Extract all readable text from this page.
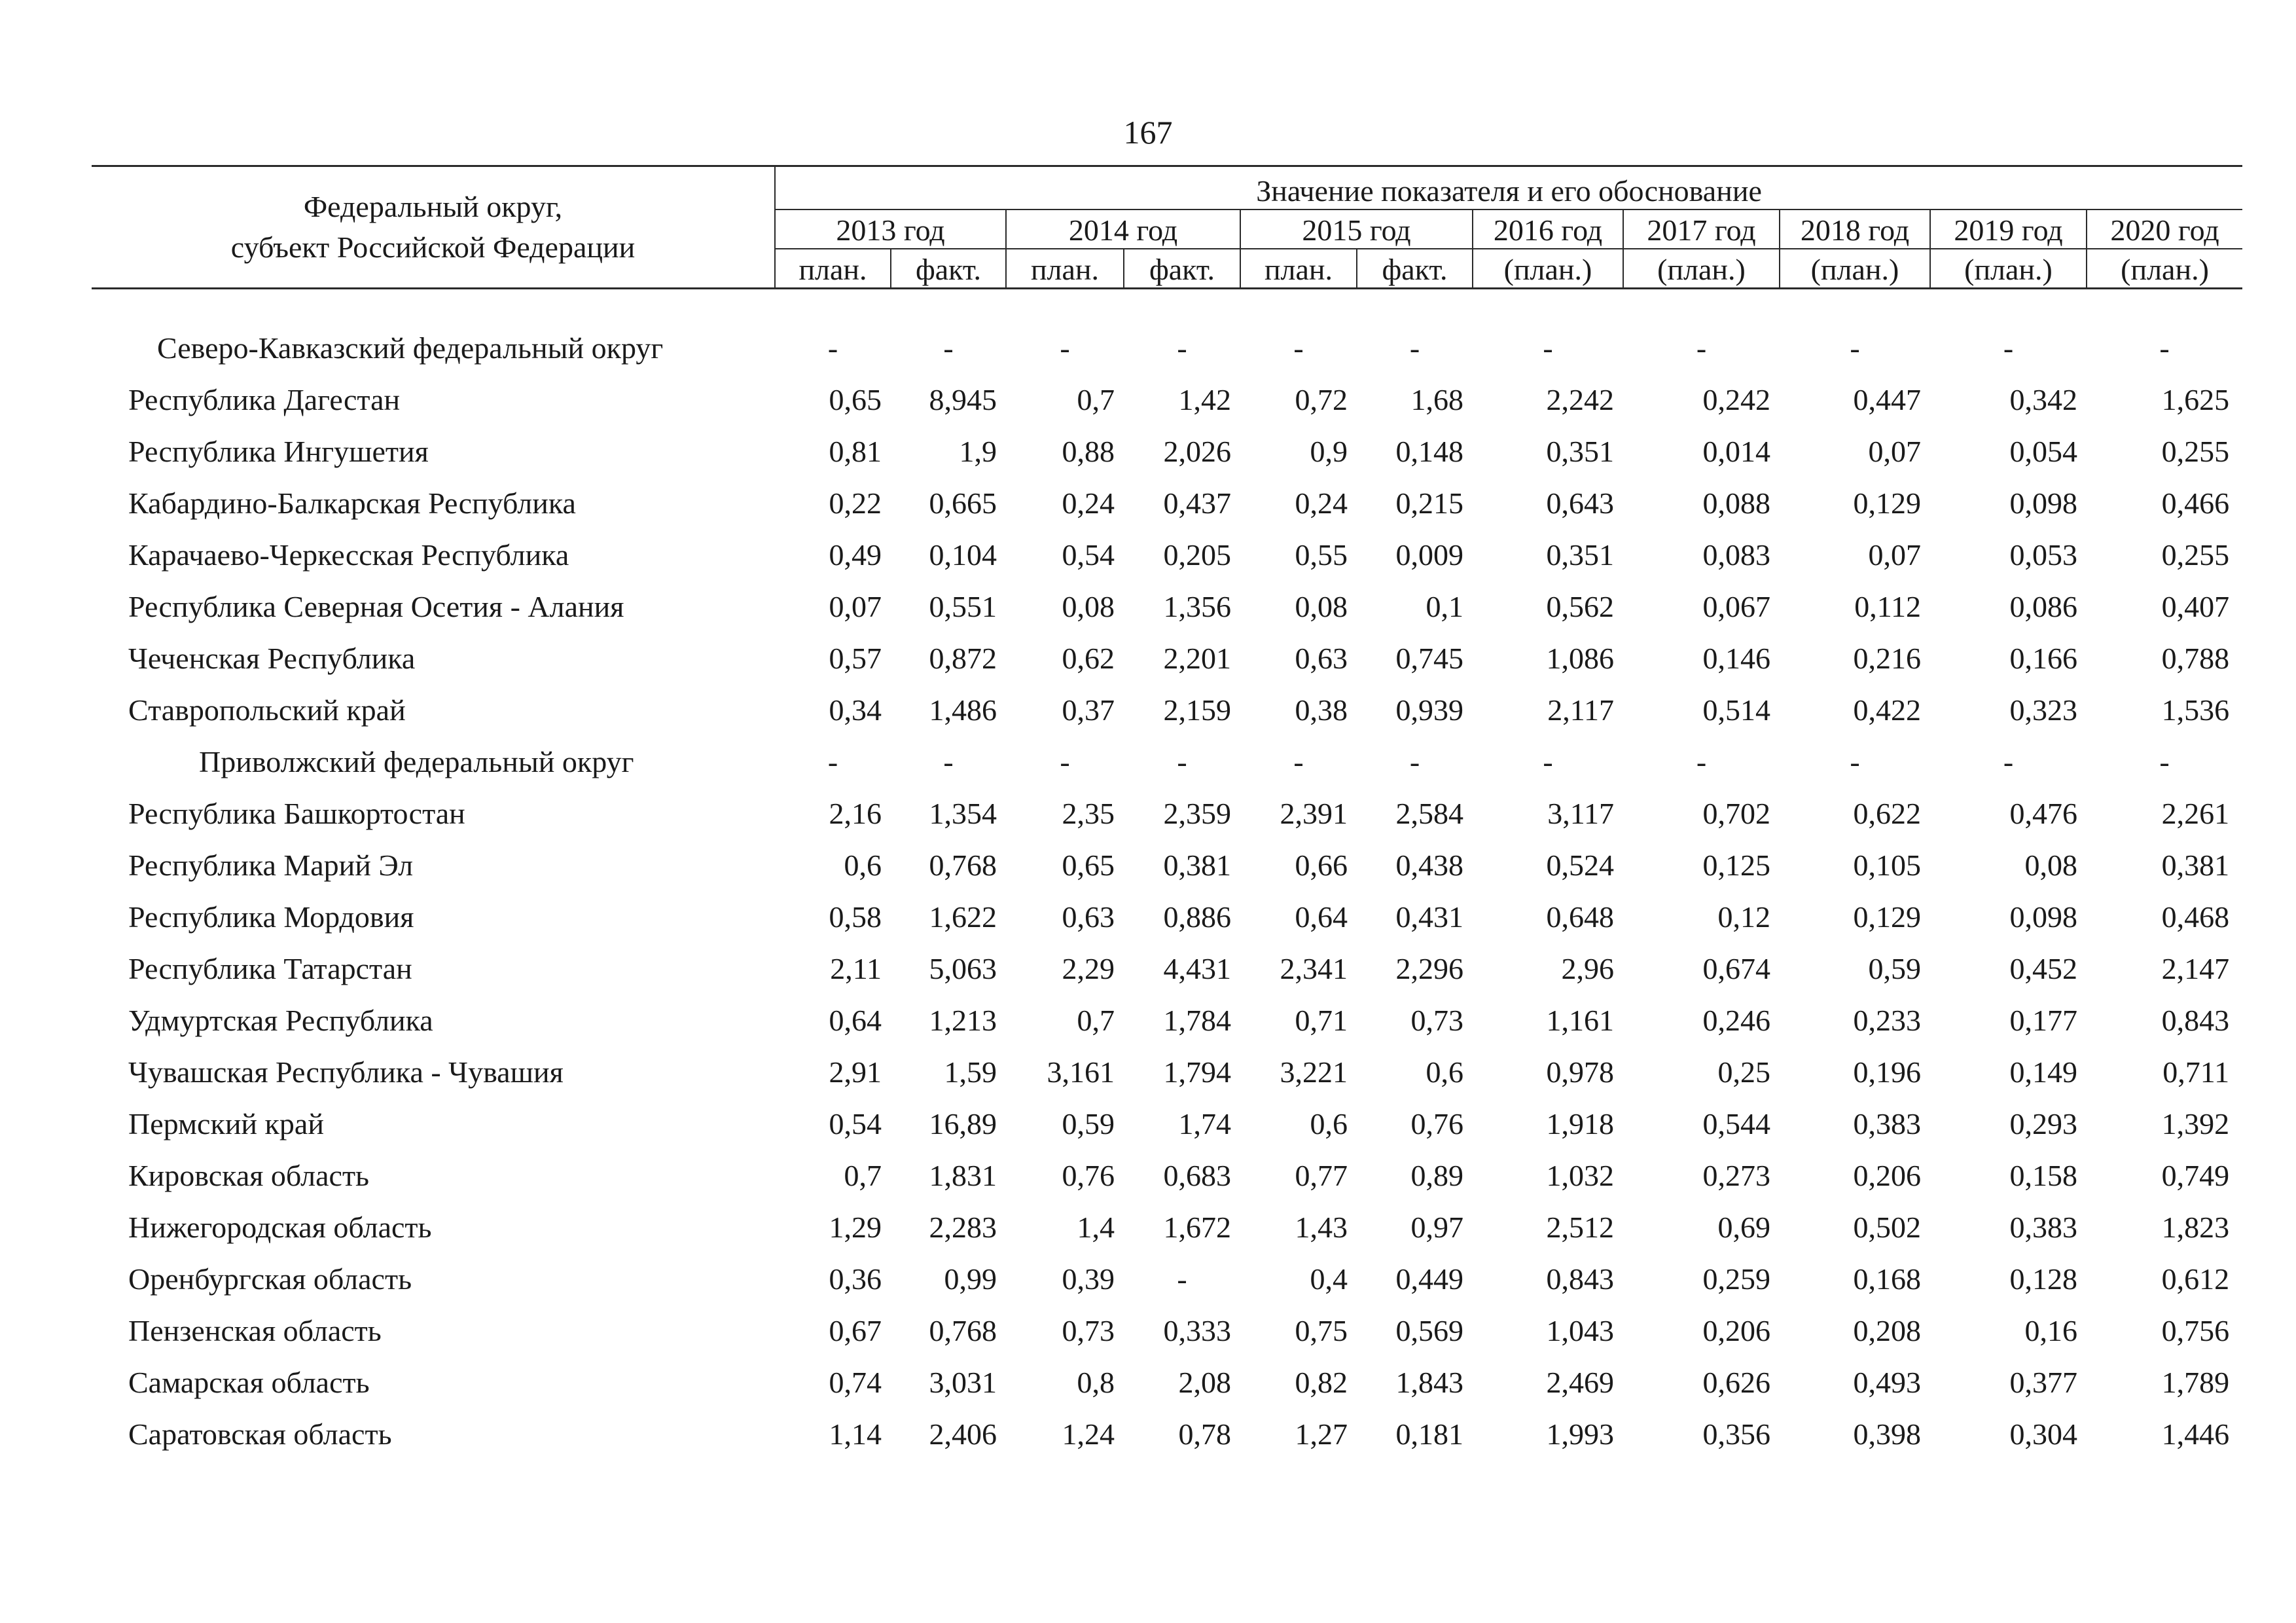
167
Федеральный округ,
субъект Российской Федерации	Значение показателя и его обоснование										
	2013 год		2014 год		2015 год		2016 год	2017 год	2018 год	2019 год	2020 год
	план.	факт.	план.	факт.	план.	факт.	(план.)	(план.)	(план.)	(план.)	(план.)

Северо-Кавказский федеральный округ	-	-	-	-	-	-	-	-	-	-	-
Республика Дагестан	0,65	8,945	0,7	1,42	0,72	1,68	2,242	0,242	0,447	0,342	1,625
Республика Ингушетия	0,81	1,9	0,88	2,026	0,9	0,148	0,351	0,014	0,07	0,054	0,255
Кабардино-Балкарская Республика	0,22	0,665	0,24	0,437	0,24	0,215	0,643	0,088	0,129	0,098	0,466
Карачаево-Черкесская Республика	0,49	0,104	0,54	0,205	0,55	0,009	0,351	0,083	0,07	0,053	0,255
Республика Северная Осетия - Алания	0,07	0,551	0,08	1,356	0,08	0,1	0,562	0,067	0,112	0,086	0,407
Чеченская Республика	0,57	0,872	0,62	2,201	0,63	0,745	1,086	0,146	0,216	0,166	0,788
Ставропольский край	0,34	1,486	0,37	2,159	0,38	0,939	2,117	0,514	0,422	0,323	1,536
Приволжский федеральный округ	-	-	-	-	-	-	-	-	-	-	-
Республика Башкортостан	2,16	1,354	2,35	2,359	2,391	2,584	3,117	0,702	0,622	0,476	2,261
Республика Марий Эл	0,6	0,768	0,65	0,381	0,66	0,438	0,524	0,125	0,105	0,08	0,381
Республика Мордовия	0,58	1,622	0,63	0,886	0,64	0,431	0,648	0,12	0,129	0,098	0,468
Республика Татарстан	2,11	5,063	2,29	4,431	2,341	2,296	2,96	0,674	0,59	0,452	2,147
Удмуртская Республика	0,64	1,213	0,7	1,784	0,71	0,73	1,161	0,246	0,233	0,177	0,843
Чувашская Республика - Чувашия	2,91	1,59	3,161	1,794	3,221	0,6	0,978	0,25	0,196	0,149	0,711
Пермский край	0,54	16,89	0,59	1,74	0,6	0,76	1,918	0,544	0,383	0,293	1,392
Кировская область	0,7	1,831	0,76	0,683	0,77	0,89	1,032	0,273	0,206	0,158	0,749
Нижегородская область	1,29	2,283	1,4	1,672	1,43	0,97	2,512	0,69	0,502	0,383	1,823
Оренбургская область	0,36	0,99	0,39	-	0,4	0,449	0,843	0,259	0,168	0,128	0,612
Пензенская область	0,67	0,768	0,73	0,333	0,75	0,569	1,043	0,206	0,208	0,16	0,756
Самарская область	0,74	3,031	0,8	2,08	0,82	1,843	2,469	0,626	0,493	0,377	1,789
Саратовская область	1,14	2,406	1,24	0,78	1,27	0,181	1,993	0,356	0,398	0,304	1,446
